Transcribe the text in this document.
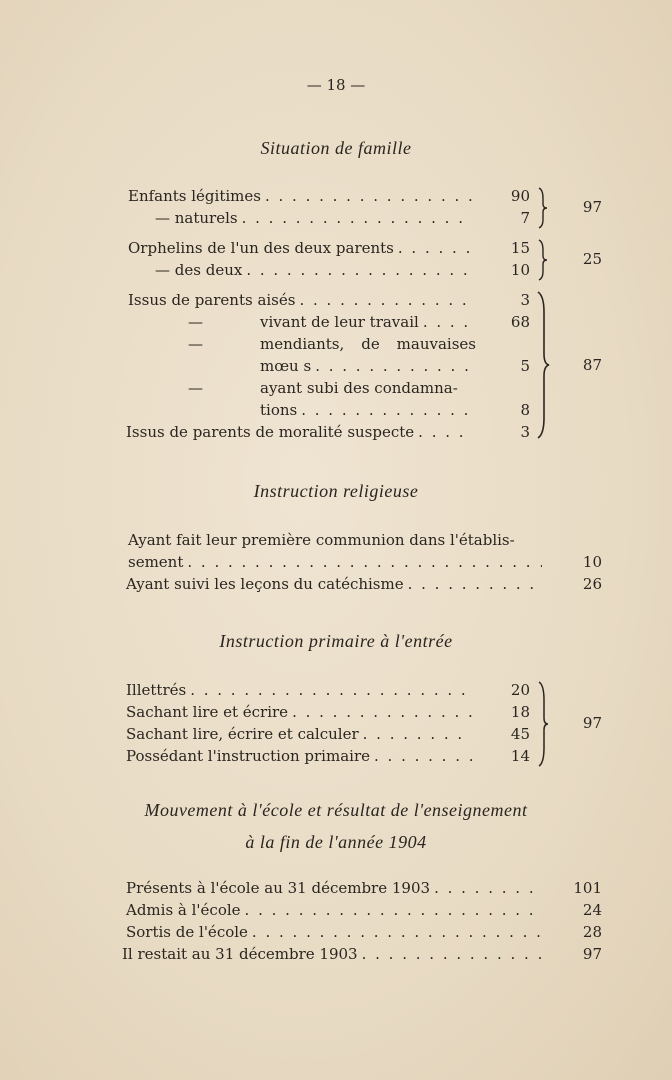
— 18 —
Situation de famille
Enfants légitimes . . .	90
— naturels . . .	7
97
Orphelins de l'un des deux parents . . .	15
— des deux . . .	10
25
Issus de parents aisés . . .	3
—	vivant de leur travail . . .	68
—	mendiants, de mauvaises
mœu s . . .	5
—	ayant subi des condamna-
tions . . .	8
Issus de parents de moralité suspecte . . .	3
87
Instruction religieuse
Ayant fait leur première communion dans l'établis-
sement . . .	10
Ayant suivi les leçons du catéchisme . . .	26
Instruction primaire à l'entrée
Illettrés . . .	20
Sachant lire et écrire . . .	18
Sachant lire, écrire et calculer . . .	45
Possédant l'instruction primaire . . .	14
97
Mouvement à l'école et résultat de l'enseignement
à la fin de l'année 1904
Présents à l'école au 31 décembre 1903 . . .	101
Admis à l'école . . .	24
Sortis de l'école . . .	28
Il restait au 31 décembre 1903 . . .	97
